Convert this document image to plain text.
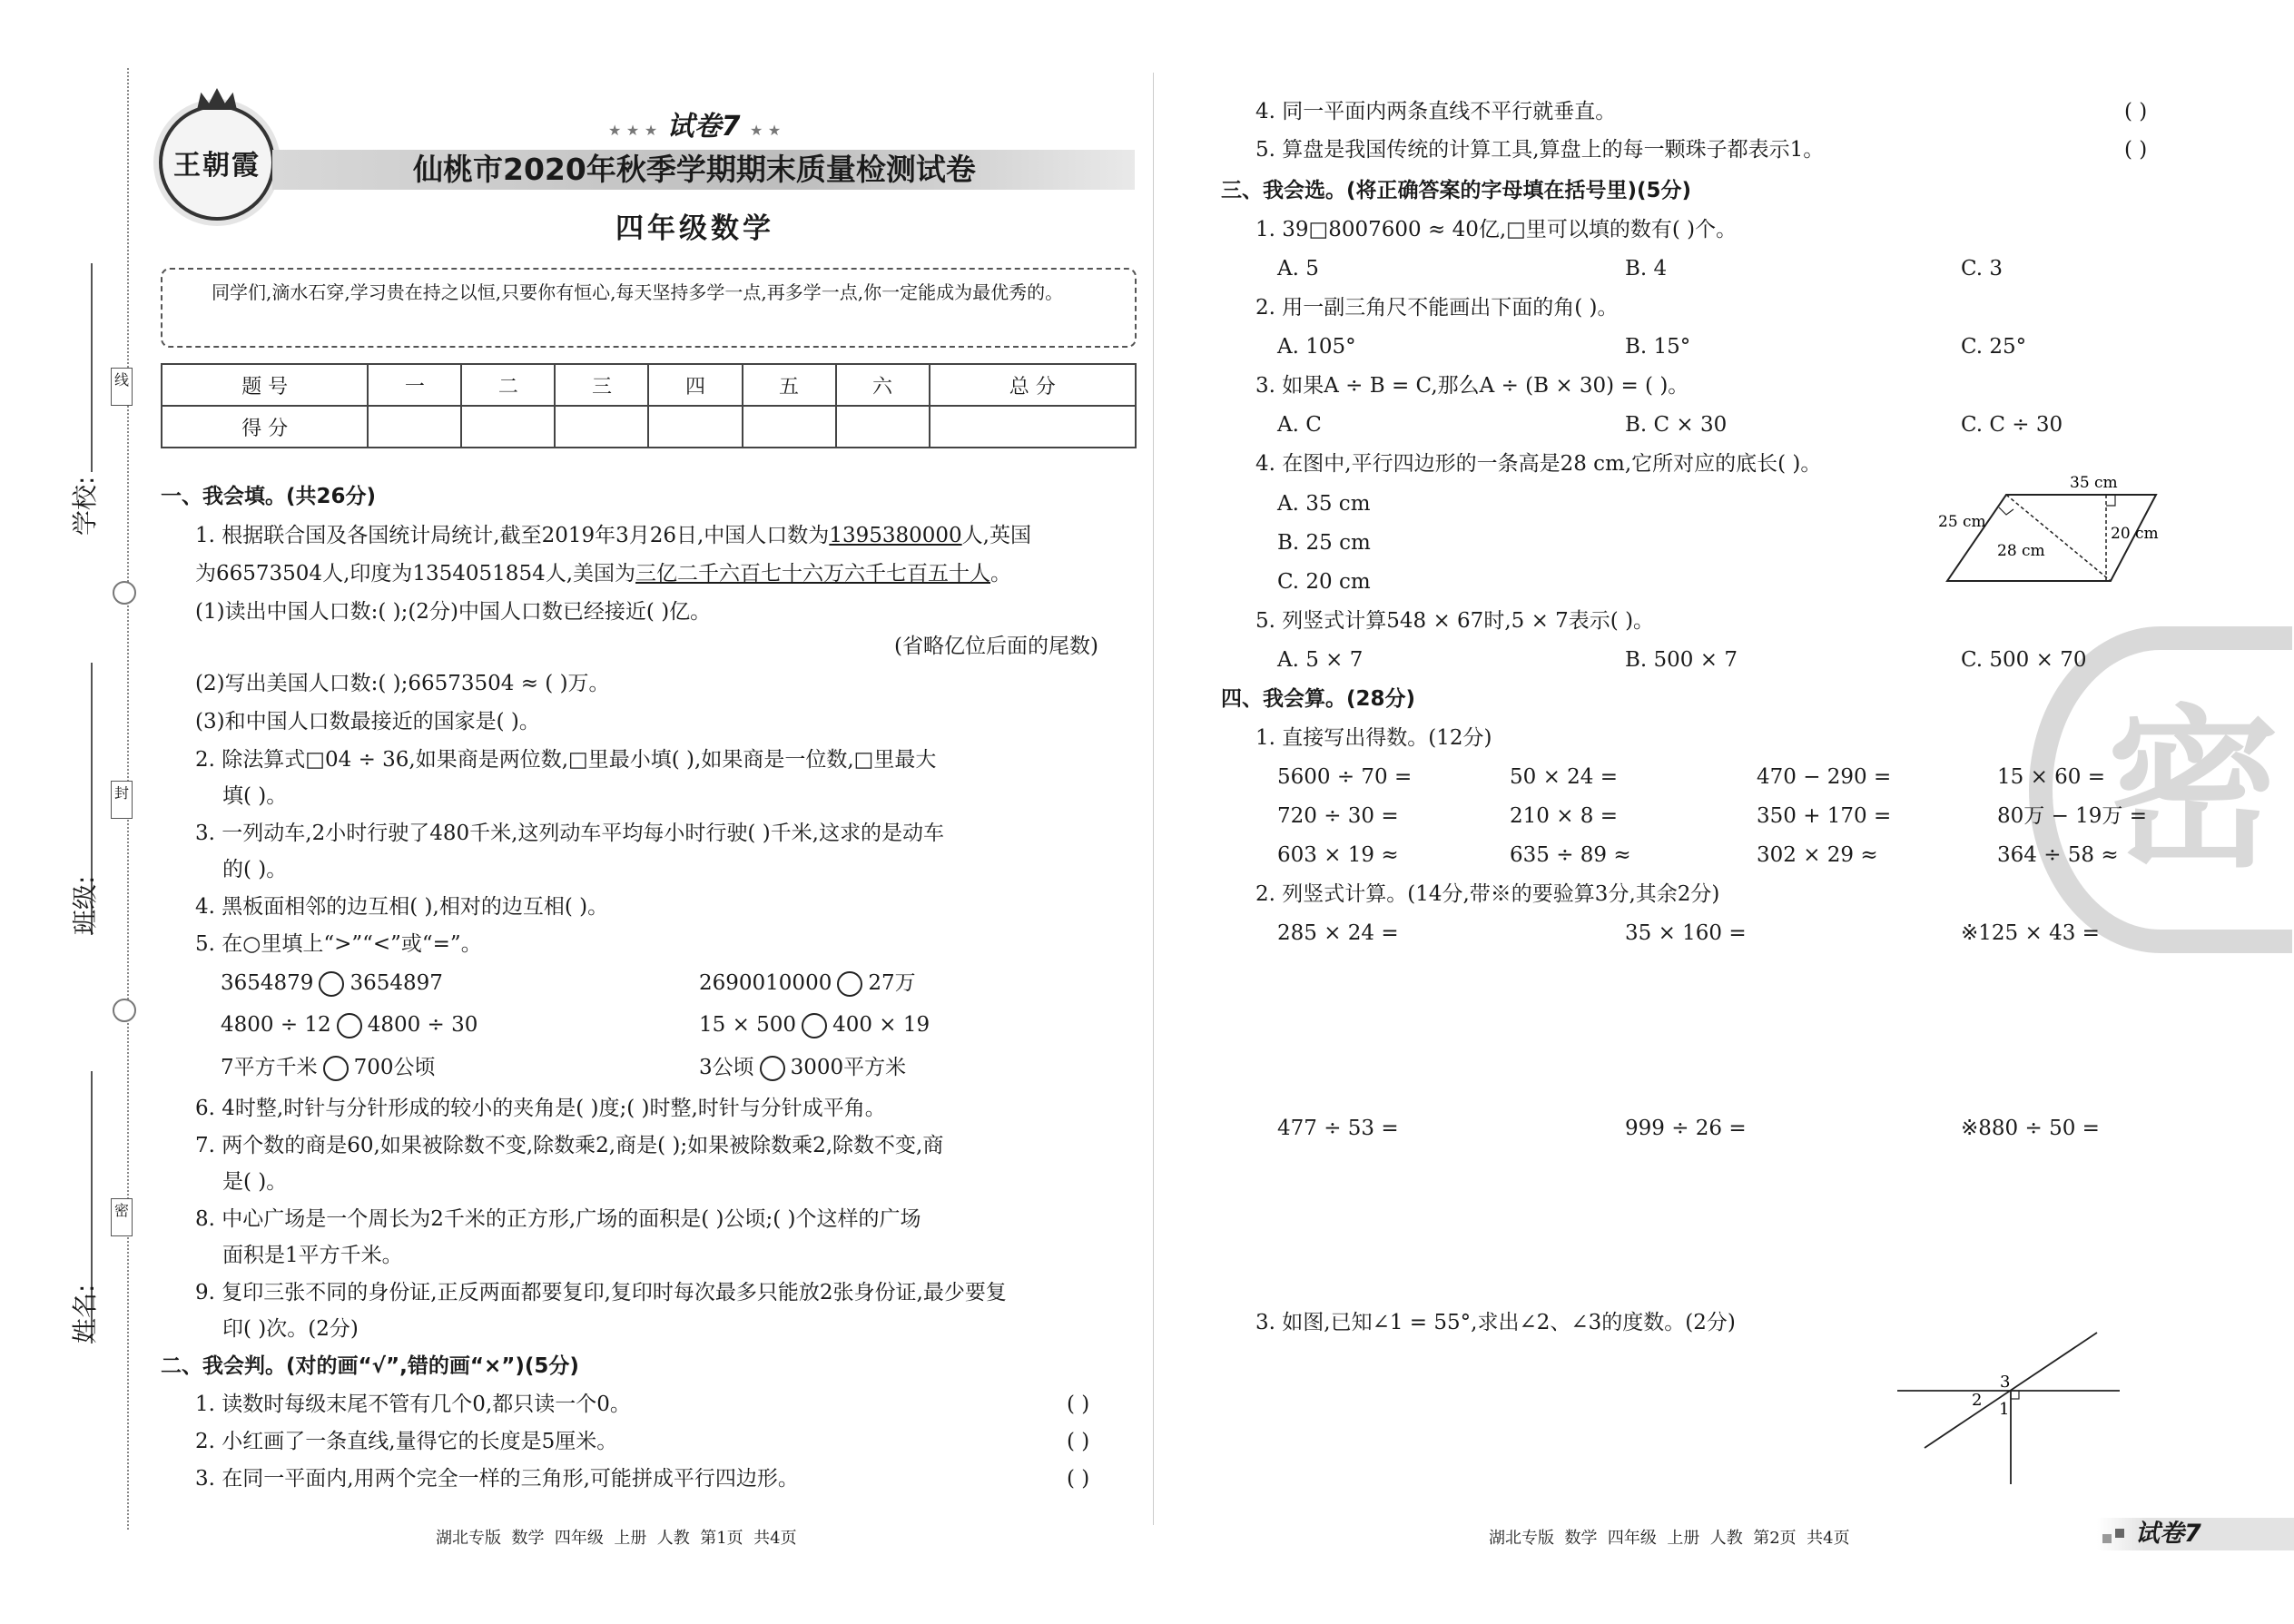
学校:
班级:
姓名:
线
封
密
王朝霞
★ ★ ★ 试卷7 ★ ★
仙桃市2020年秋季学期期末质量检测试卷
四年级数学
同学们,滴水石穿,学习贵在持之以恒,只要你有恒心,每天坚持多学一点,再多学一点,你一定能成为最优秀的。
题 号	一	二	三	四	五	六	总 分
得 分							
一、我会填。(共26分)
1. 根据联合国及各国统计局统计,截至2019年3月26日,中国人口数为1395380000人,英国
为66573504人,印度为1354051854人,美国为三亿二千六百七十六万六千七百五十人。
(1)读出中国人口数:( );(2分)中国人口数已经接近( )亿。
(省略亿位后面的尾数)
(2)写出美国人口数:( );66573504 ≈ ( )万。
(3)和中国人口数最接近的国家是( )。
2. 除法算式□04 ÷ 36,如果商是两位数,□里最小填( ),如果商是一位数,□里最大
填( )。
3. 一列动车,2小时行驶了480千米,这列动车平均每小时行驶( )千米,这求的是动车
的( )。
4. 黑板面相邻的边互相( ),相对的边互相( )。
5. 在○里填上“>”“<”或“=”。
3654879 3654897	2690010000 27万
4800 ÷ 12 4800 ÷ 30	15 × 500 400 × 19
7平方千米 700公顷	3公顷 3000平方米
6. 4时整,时针与分针形成的较小的夹角是( )度;( )时整,时针与分针成平角。
7. 两个数的商是60,如果被除数不变,除数乘2,商是( );如果被除数乘2,除数不变,商
是( )。
8. 中心广场是一个周长为2千米的正方形,广场的面积是( )公顷;( )个这样的广场
面积是1平方千米。
9. 复印三张不同的身份证,正反两面都要复印,复印时每次最多只能放2张身份证,最少要复
印( )次。(2分)
二、我会判。(对的画“√”,错的画“×”)(5分)
1. 读数时每级末尾不管有几个0,都只读一个0。	( )
2. 小红画了一条直线,量得它的长度是5厘米。	( )
3. 在同一平面内,用两个完全一样的三角形,可能拼成平行四边形。	( )
湖北专版  数学  四年级  上册  人教  第1页  共4页
密
4. 同一平面内两条直线不平行就垂直。	( )
5. 算盘是我国传统的计算工具,算盘上的每一颗珠子都表示1。	( )
三、我会选。(将正确答案的字母填在括号里)(5分)
1. 39□8007600 ≈ 40亿,□里可以填的数有( )个。
A. 5	B. 4	C. 3
2. 用一副三角尺不能画出下面的角( )。
A. 105°	B. 15°	C. 25°
3. 如果A ÷ B = C,那么A ÷ (B × 30) = ( )。
A. C	B. C × 30	C. C ÷ 30
4. 在图中,平行四边形的一条高是28 cm,它所对应的底长( )。
A. 35 cm
B. 25 cm
C. 20 cm
35 cm
25 cm
28 cm
20 cm
5. 列竖式计算548 × 67时,5 × 7表示( )。
A. 5 × 7	B. 500 × 7	C. 500 × 70
四、我会算。(28分)
1. 直接写出得数。(12分)
5600 ÷ 70 =	50 × 24 =	470 − 290 =	15 × 60 =
720 ÷ 30 =	210 × 8 =	350 + 170 =	80万 − 19万 =
603 × 19 ≈	635 ÷ 89 ≈	302 × 29 ≈	364 ÷ 58 ≈
2. 列竖式计算。(14分,带※的要验算3分,其余2分)
285 × 24 =	35 × 160 =	※125 × 43 =
477 ÷ 53 =	999 ÷ 26 =	※880 ÷ 50 =
3. 如图,已知∠1 = 55°,求出∠2、∠3的度数。(2分)
3
2 1
湖北专版  数学  四年级  上册  人教  第2页  共4页	试卷7
